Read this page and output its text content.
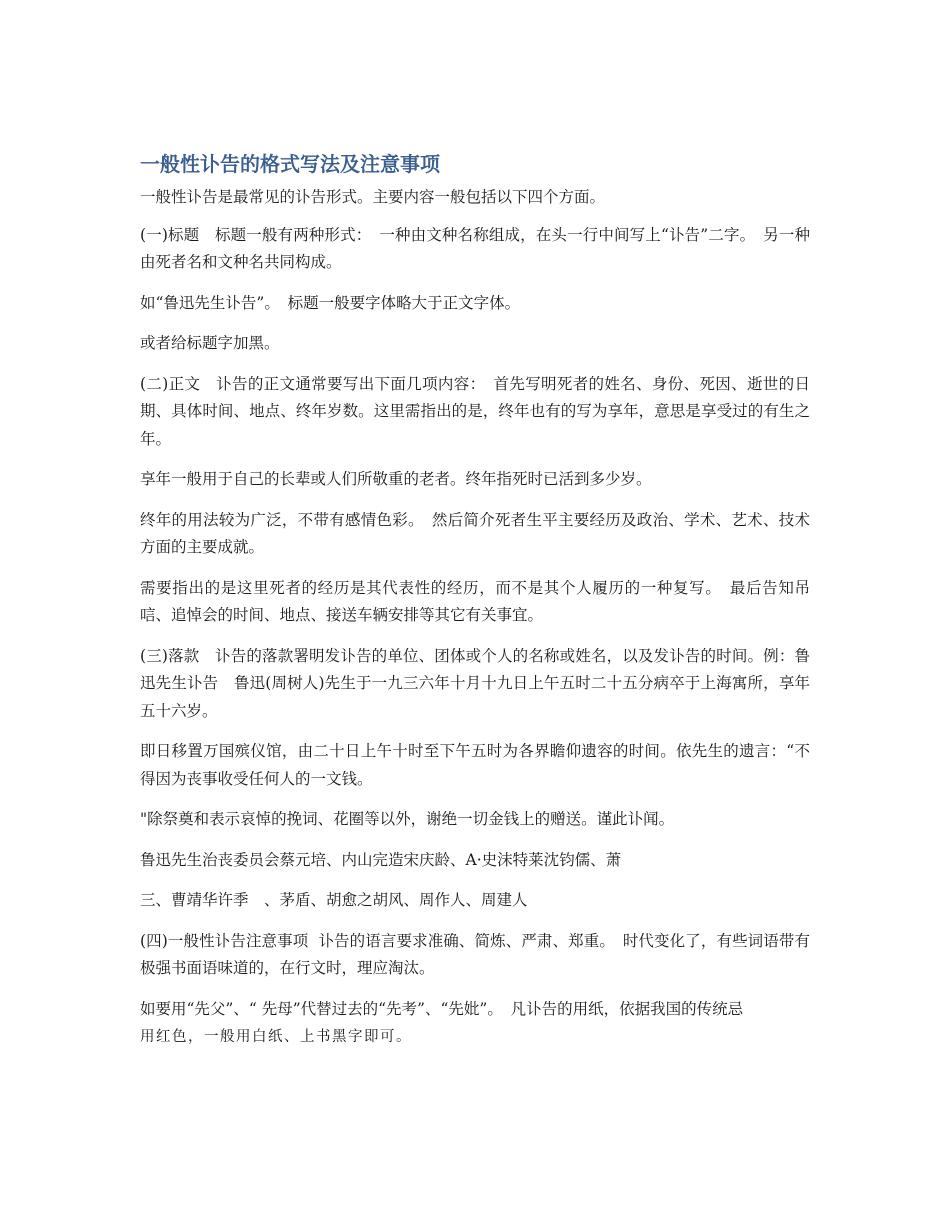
一般性讣告的格式写法及注意事项

一般性讣告是最常见的讣告形式。主要内容一般包括以下四个方面。

(一)标题　标题一般有两种形式：　一种由文种名称组成，在头一行中间写上“讣告”二字。　另一种由死者名和文种名共同构成。

如“鲁迅先生讣告”。　标题一般要字体略大于正文字体。

或者给标题字加黑。

(二)正文　讣告的正文通常要写出下面几项内容：　首先写明死者的姓名、身份、死因、逝世的日期、具体时间、地点、终年岁数。这里需指出的是，终年也有的写为享年，意思是享受过的有生之年。

享年一般用于自己的长辈或人们所敬重的老者。终年指死时已活到多少岁。

终年的用法较为广泛，不带有感情色彩。　然后简介死者生平主要经历及政治、学术、艺术、技术方面的主要成就。

需要指出的是这里死者的经历是其代表性的经历，而不是其个人履历的一种复写。　最后告知吊唁、追悼会的时间、地点、接送车辆安排等其它有关事宜。

(三)落款　讣告的落款署明发讣告的单位、团体或个人的名称或姓名，以及发讣告的时间。例：鲁迅先生讣告　鲁迅(周树人)先生于一九三六年十月十九日上午五时二十五分病卒于上海寓所，享年五十六岁。

即日移置万国殡仪馆，由二十日上午十时至下午五时为各界瞻仰遗容的时间。依先生的遗言：“不得因为丧事收受任何人的一文钱。

"除祭奠和表示哀悼的挽词、花圈等以外，谢绝一切金钱上的赠送。谨此讣闻。

鲁迅先生治丧委员会蔡元培、内山完造宋庆龄、A·史沫特莱沈钧儒、萧

三、曹靖华许季　、茅盾、胡愈之胡风、周作人、周建人

(四)一般性讣告注意事项  讣告的语言要求准确、简炼、严肃、郑重。　时代变化了，有些词语带有极强书面语味道的，在行文时，理应淘汰。

如要用“先父”、“ 先母”代替过去的“先考”、“先妣”。　凡讣告的用纸，依据我国的传统忌
用红色，一般用白纸、上书黑字即可。
